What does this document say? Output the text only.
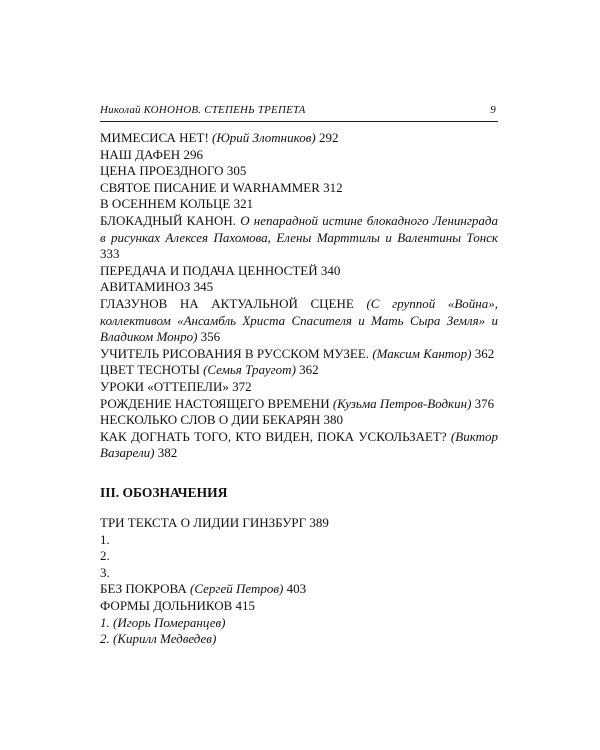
Николай КОНОНОВ. СТЕПЕНЬ ТРЕПЕТА	9

МИМЕСИСА НЕТ! (Юрий Злотников) 292

НАШ ДАФЕН 296

ЦЕНА ПРОЕЗДНОГО 305

СВЯТОЕ ПИСАНИЕ И WARHAMMER 312

В ОСЕННЕМ КОЛЬЦЕ 321

БЛОКАДНЫЙ КАНОН. О непарадной истине блокадного Ленинграда в рисунках Алексея Пахомова, Елены Марттилы и Валентины Тонск 333

ПЕРЕДАЧА И ПОДАЧА ЦЕННОСТЕЙ 340

АВИТАМИНОЗ 345

ГЛАЗУНОВ НА АКТУАЛЬНОЙ СЦЕНЕ (С группой «Война», коллективом «Ансамбль Христа Спасителя и Мать Сыра Земля» и Владиком Монро) 356

УЧИТЕЛЬ РИСОВАНИЯ В РУССКОМ МУЗЕЕ. (Максим Кантор) 362

ЦВЕТ ТЕСНОТЫ (Семья Траугот) 362

УРОКИ «ОТТЕПЕЛИ» 372

РОЖДЕНИЕ НАСТОЯЩЕГО ВРЕМЕНИ (Кузьма Петров-Водкин) 376

НЕСКОЛЬКО СЛОВ О ДИИ БЕКАРЯН 380

КАК ДОГНАТЬ ТОГО, КТО ВИДЕН, ПОКА УСКОЛЬЗАЕТ? (Виктор Вазарели) 382

III. ОБОЗНАЧЕНИЯ

ТРИ ТЕКСТА О ЛИДИИ ГИНЗБУРГ 389

1.

2.

3.

БЕЗ ПОКРОВА (Сергей Петров) 403

ФОРМЫ ДОЛЬНИКОВ 415

1. (Игорь Померанцев)

2. (Кирилл Медведев)
